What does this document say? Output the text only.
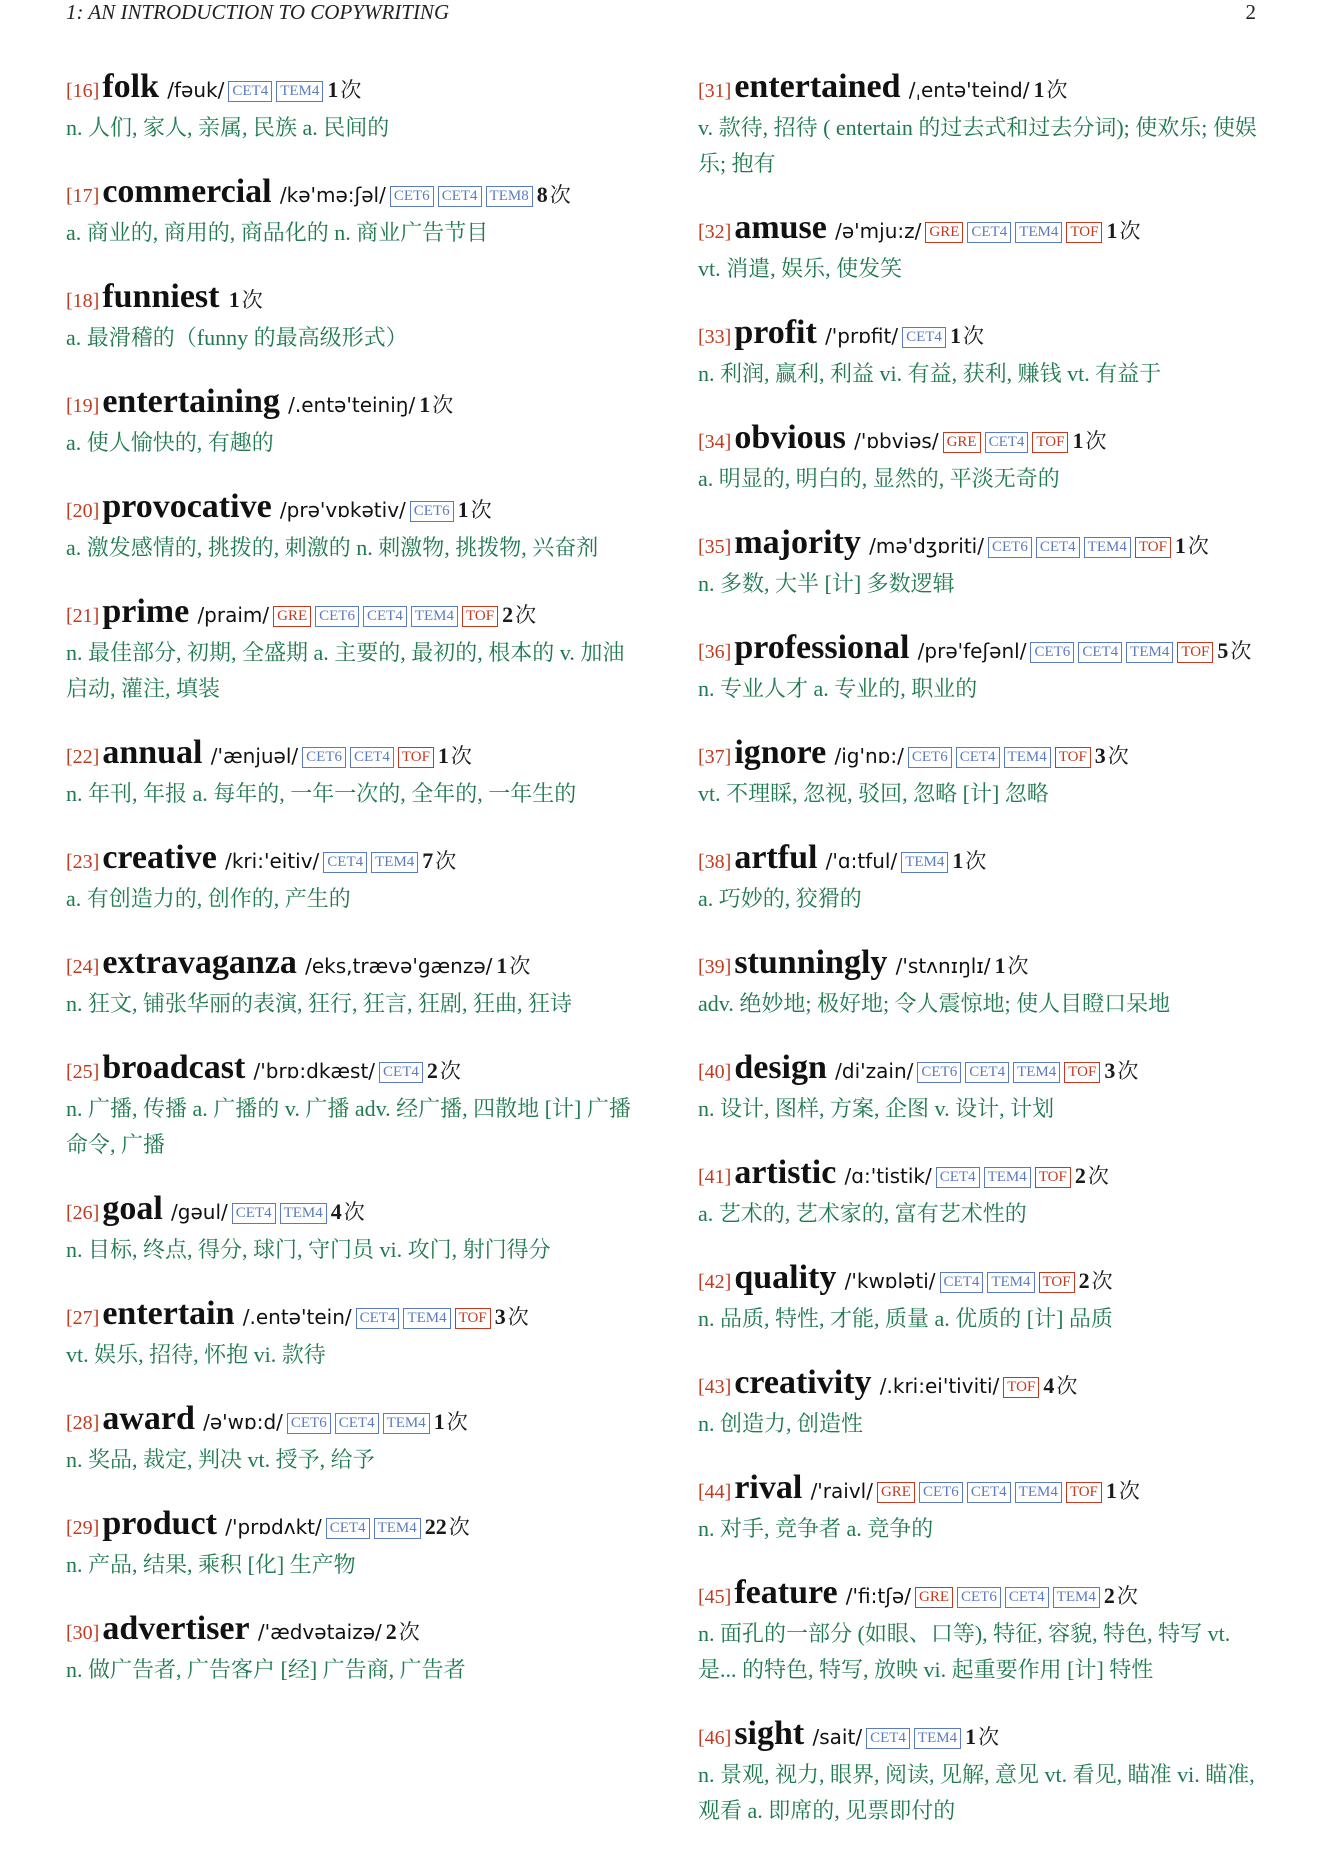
1: AN INTRODUCTION TO COPYWRITING	2
[16]folk /fəuk/ CET4 TEM4 1次
n. 人们, 家人, 亲属, 民族 a. 民间的
[17]commercial /kə'mə:ʃəl/ CET6 CET4 TEM8 8次
a. 商业的, 商用的, 商品化的 n. 商业广告节目
[18]funniest 1次
a. 最滑稽的（funny 的最高级形式）
[19]entertaining /.entə'teiniŋ/ 1次
a. 使人愉快的, 有趣的
[20]provocative /prə'vɒkətiv/ CET6 1次
a. 激发感情的, 挑拨的, 刺激的 n. 刺激物, 挑拨物, 兴奋剂
[21]prime /praim/ GRE CET6 CET4 TEM4 TOF 2次
n. 最佳部分, 初期, 全盛期 a. 主要的, 最初的, 根本的 v. 加油启动, 灌注, 填装
[22]annual /'ænjuəl/ CET6 CET4 TOF 1次
n. 年刊, 年报 a. 每年的, 一年一次的, 全年的, 一年生的
[23]creative /kri:'eitiv/ CET4 TEM4 7次
a. 有创造力的, 创作的, 产生的
[24]extravaganza /eks,trævə'gænzə/ 1次
n. 狂文, 铺张华丽的表演, 狂行, 狂言, 狂剧, 狂曲, 狂诗
[25]broadcast /'brɒ:dkæst/ CET4 2次
n. 广播, 传播 a. 广播的 v. 广播 adv. 经广播, 四散地 [计] 广播命令, 广播
[26]goal /gəul/ CET4 TEM4 4次
n. 目标, 终点, 得分, 球门, 守门员 vi. 攻门, 射门得分
[27]entertain /.entə'tein/ CET4 TEM4 TOF 3次
vt. 娱乐, 招待, 怀抱 vi. 款待
[28]award /ə'wɒ:d/ CET6 CET4 TEM4 1次
n. 奖品, 裁定, 判决 vt. 授予, 给予
[29]product /'prɒdʌkt/ CET4 TEM4 22次
n. 产品, 结果, 乘积 [化] 生产物
[30]advertiser /'ædvətaizə/ 2次
n. 做广告者, 广告客户 [经] 广告商, 广告者
[31]entertained /ˌentə'teind/ 1次
v. 款待, 招待 ( entertain 的过去式和过去分词); 使欢乐; 使娱乐; 抱有
[32]amuse /ə'mju:z/ GRE CET4 TEM4 TOF 1次
vt. 消遣, 娱乐, 使发笑
[33]profit /'prɒfit/ CET4 1次
n. 利润, 赢利, 利益 vi. 有益, 获利, 赚钱 vt. 有益于
[34]obvious /'ɒbviəs/ GRE CET4 TOF 1次
a. 明显的, 明白的, 显然的, 平淡无奇的
[35]majority /mə'dʒɒriti/ CET6 CET4 TEM4 TOF 1次
n. 多数, 大半 [计] 多数逻辑
[36]professional /prə'feʃənl/ CET6 CET4 TEM4 TOF 5次
n. 专业人才 a. 专业的, 职业的
[37]ignore /ig'nɒ:/ CET6 CET4 TEM4 TOF 3次
vt. 不理睬, 忽视, 驳回, 忽略 [计] 忽略
[38]artful /'ɑ:tful/ TEM4 1次
a. 巧妙的, 狡猾的
[39]stunningly /'stʌnɪŋlɪ/ 1次
adv. 绝妙地; 极好地; 令人震惊地; 使人目瞪口呆地
[40]design /di'zain/ CET6 CET4 TEM4 TOF 3次
n. 设计, 图样, 方案, 企图 v. 设计, 计划
[41]artistic /ɑ:'tistik/ CET4 TEM4 TOF 2次
a. 艺术的, 艺术家的, 富有艺术性的
[42]quality /'kwɒləti/ CET4 TEM4 TOF 2次
n. 品质, 特性, 才能, 质量 a. 优质的 [计] 品质
[43]creativity /.kri:ei'tiviti/ TOF 4次
n. 创造力, 创造性
[44]rival /'raivl/ GRE CET6 CET4 TEM4 TOF 1次
n. 对手, 竞争者 a. 竞争的
[45]feature /'fi:tʃə/ GRE CET6 CET4 TEM4 2次
n. 面孔的一部分 (如眼、口等), 特征, 容貌, 特色, 特写 vt. 是... 的特色, 特写, 放映 vi. 起重要作用 [计] 特性
[46]sight /sait/ CET4 TEM4 1次
n. 景观, 视力, 眼界, 阅读, 见解, 意见 vt. 看见, 瞄准 vi. 瞄准, 观看 a. 即席的, 见票即付的
